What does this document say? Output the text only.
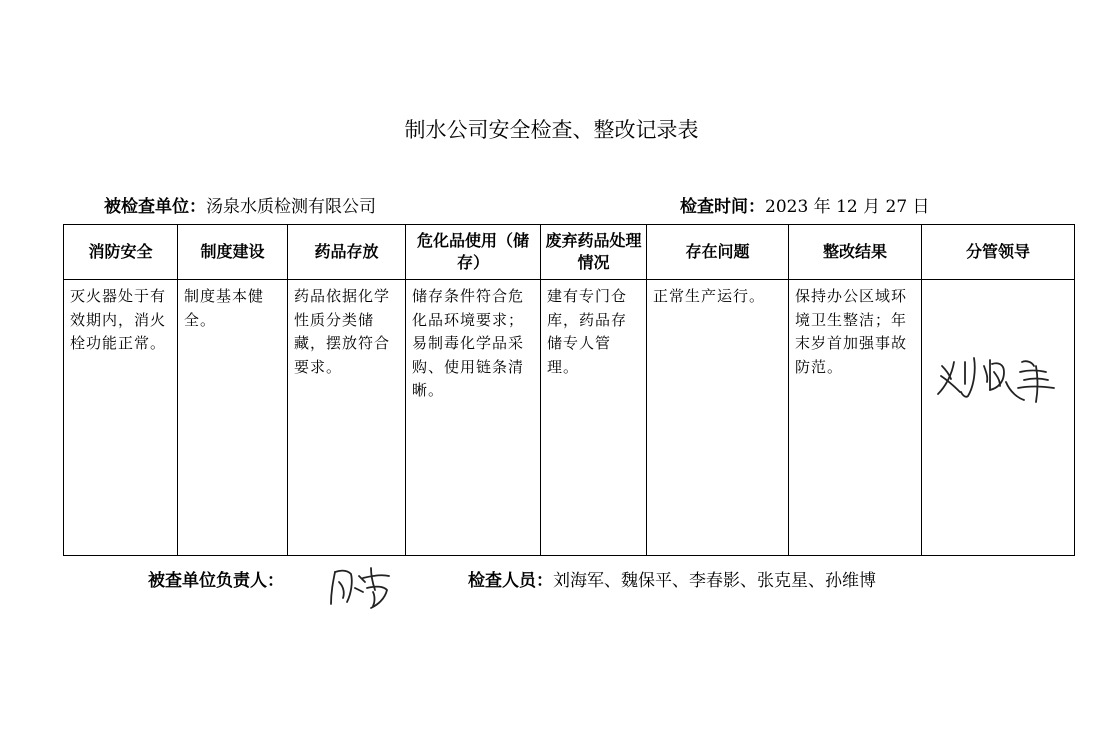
制水公司安全检查、整改记录表
被检查单位：汤泉水质检测有限公司	检查时间：2023 年 12 月 27 日
消防安全	制度建设	药品存放	危化品使用（储存）	废弃药品处理情况	存在问题	整改结果	分管领导
灭火器处于有效期内，消火栓功能正常。	制度基本健全。	药品依据化学性质分类储藏，摆放符合要求。	储存条件符合危化品环境要求；易制毒化学品采购、使用链条清晰。	建有专门仓库，药品存储专人管理。	正常生产运行。	保持办公区域环境卫生整洁；年末岁首加强事故防范。	
被查单位负责人：	检查人员：刘海军、魏保平、李春影、张克星、孙维博
